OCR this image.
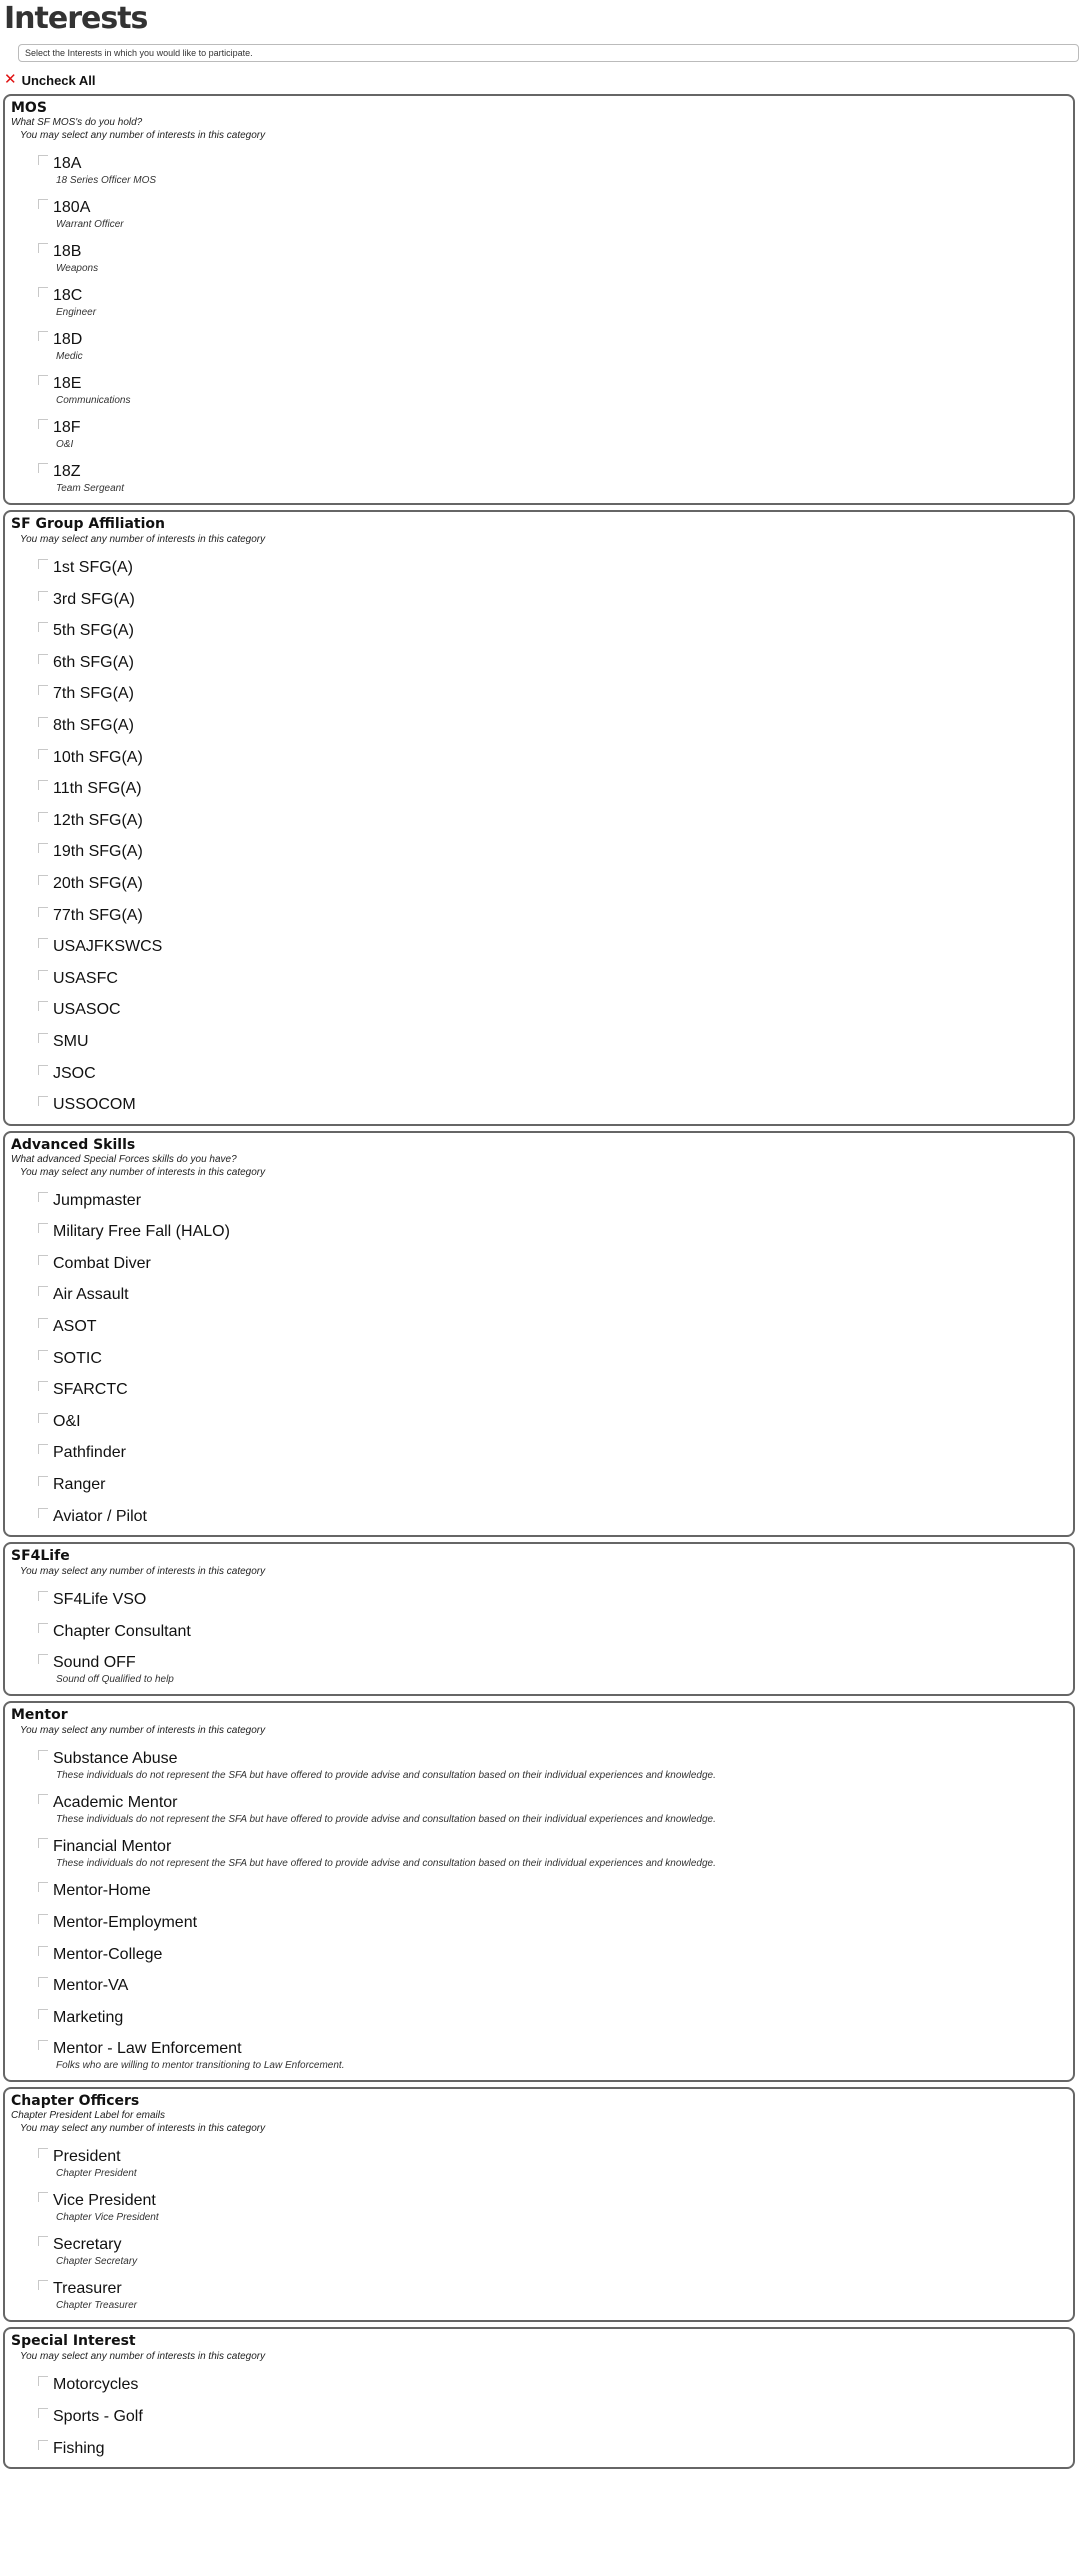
Interests
Select the Interests in which you would like to participate.
✕ Uncheck All
MOS
What SF MOS's do you hold?
You may select any number of interests in this category
18A
18 Series Officer MOS
180A
Warrant Officer
18B
Weapons
18C
Engineer
18D
Medic
18E
Communications
18F
O&I
18Z
Team Sergeant
SF Group Affiliation
You may select any number of interests in this category
1st SFG(A)
3rd SFG(A)
5th SFG(A)
6th SFG(A)
7th SFG(A)
8th SFG(A)
10th SFG(A)
11th SFG(A)
12th SFG(A)
19th SFG(A)
20th SFG(A)
77th SFG(A)
USAJFKSWCS
USASFC
USASOC
SMU
JSOC
USSOCOM
Advanced Skills
What advanced Special Forces skills do you have?
You may select any number of interests in this category
Jumpmaster
Military Free Fall (HALO)
Combat Diver
Air Assault
ASOT
SOTIC
SFARCTC
O&I
Pathfinder
Ranger
Aviator / Pilot
SF4Life
You may select any number of interests in this category
SF4Life VSO
Chapter Consultant
Sound OFF
Sound off Qualified to help
Mentor
You may select any number of interests in this category
Substance Abuse
These individuals do not represent the SFA but have offered to provide advise and consultation based on their individual experiences and knowledge.
Academic Mentor
These individuals do not represent the SFA but have offered to provide advise and consultation based on their individual experiences and knowledge.
Financial Mentor
These individuals do not represent the SFA but have offered to provide advise and consultation based on their individual experiences and knowledge.
Mentor-Home
Mentor-Employment
Mentor-College
Mentor-VA
Marketing
Mentor - Law Enforcement
Folks who are willing to mentor transitioning to Law Enforcement.
Chapter Officers
Chapter President Label for emails
You may select any number of interests in this category
President
Chapter President
Vice President
Chapter Vice President
Secretary
Chapter Secretary
Treasurer
Chapter Treasurer
Special Interest
You may select any number of interests in this category
Motorcycles
Sports - Golf
Fishing
